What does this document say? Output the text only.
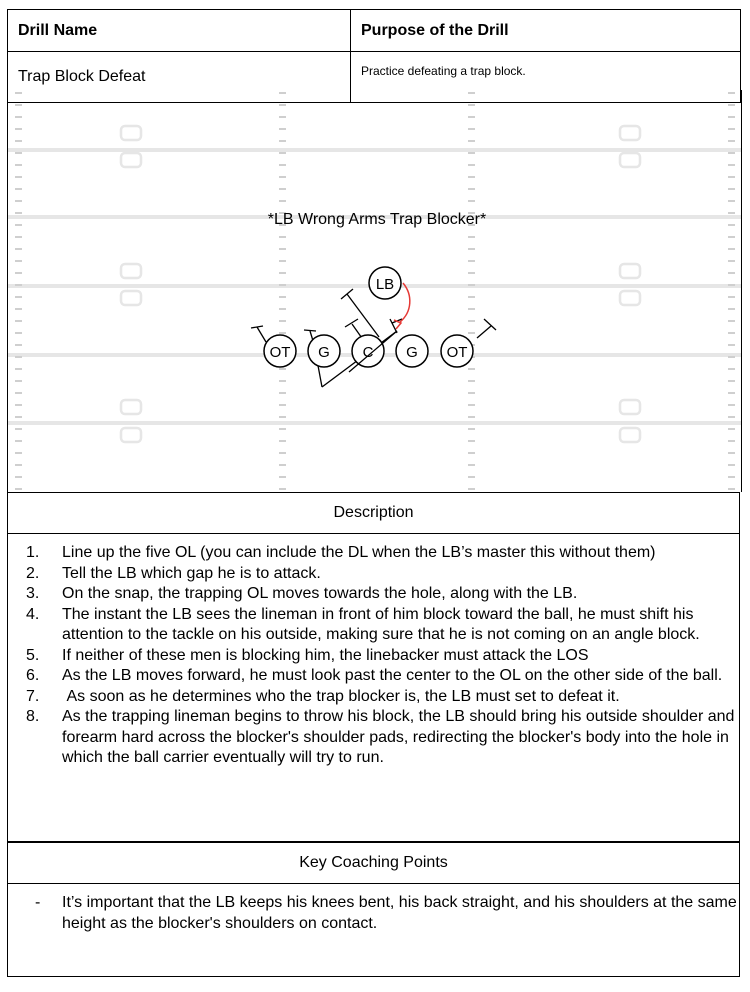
Drill Name	Purpose of the Drill
Trap Block Defeat	Practice defeating a trap block.
*LB Wrong Arms Trap Blocker*
LB
OT G C G OT
Description
1. Line up the five OL (you can include the DL when the LB’s master this without them)
2. Tell the LB which gap he is to attack.
3. On the snap, the trapping OL moves towards the hole, along with the LB.
4. The instant the LB sees the lineman in front of him block toward the ball, he must shift his attention to the tackle on his outside, making sure that he is not coming on an angle block.
5. If neither of these men is blocking him, the linebacker must attack the LOS
6. As the LB moves forward, he must look past the center to the OL on the other side of the ball.
7. As soon as he determines who the trap blocker is, the LB must set to defeat it.
8. As the trapping lineman begins to throw his block, the LB should bring his outside shoulder and forearm hard across the blocker's shoulder pads, redirecting the blocker's body into the hole in which the ball carrier eventually will try to run.
Key Coaching Points
- It’s important that the LB keeps his knees bent, his back straight, and his shoulders at the same height as the blocker's shoulders on contact.
